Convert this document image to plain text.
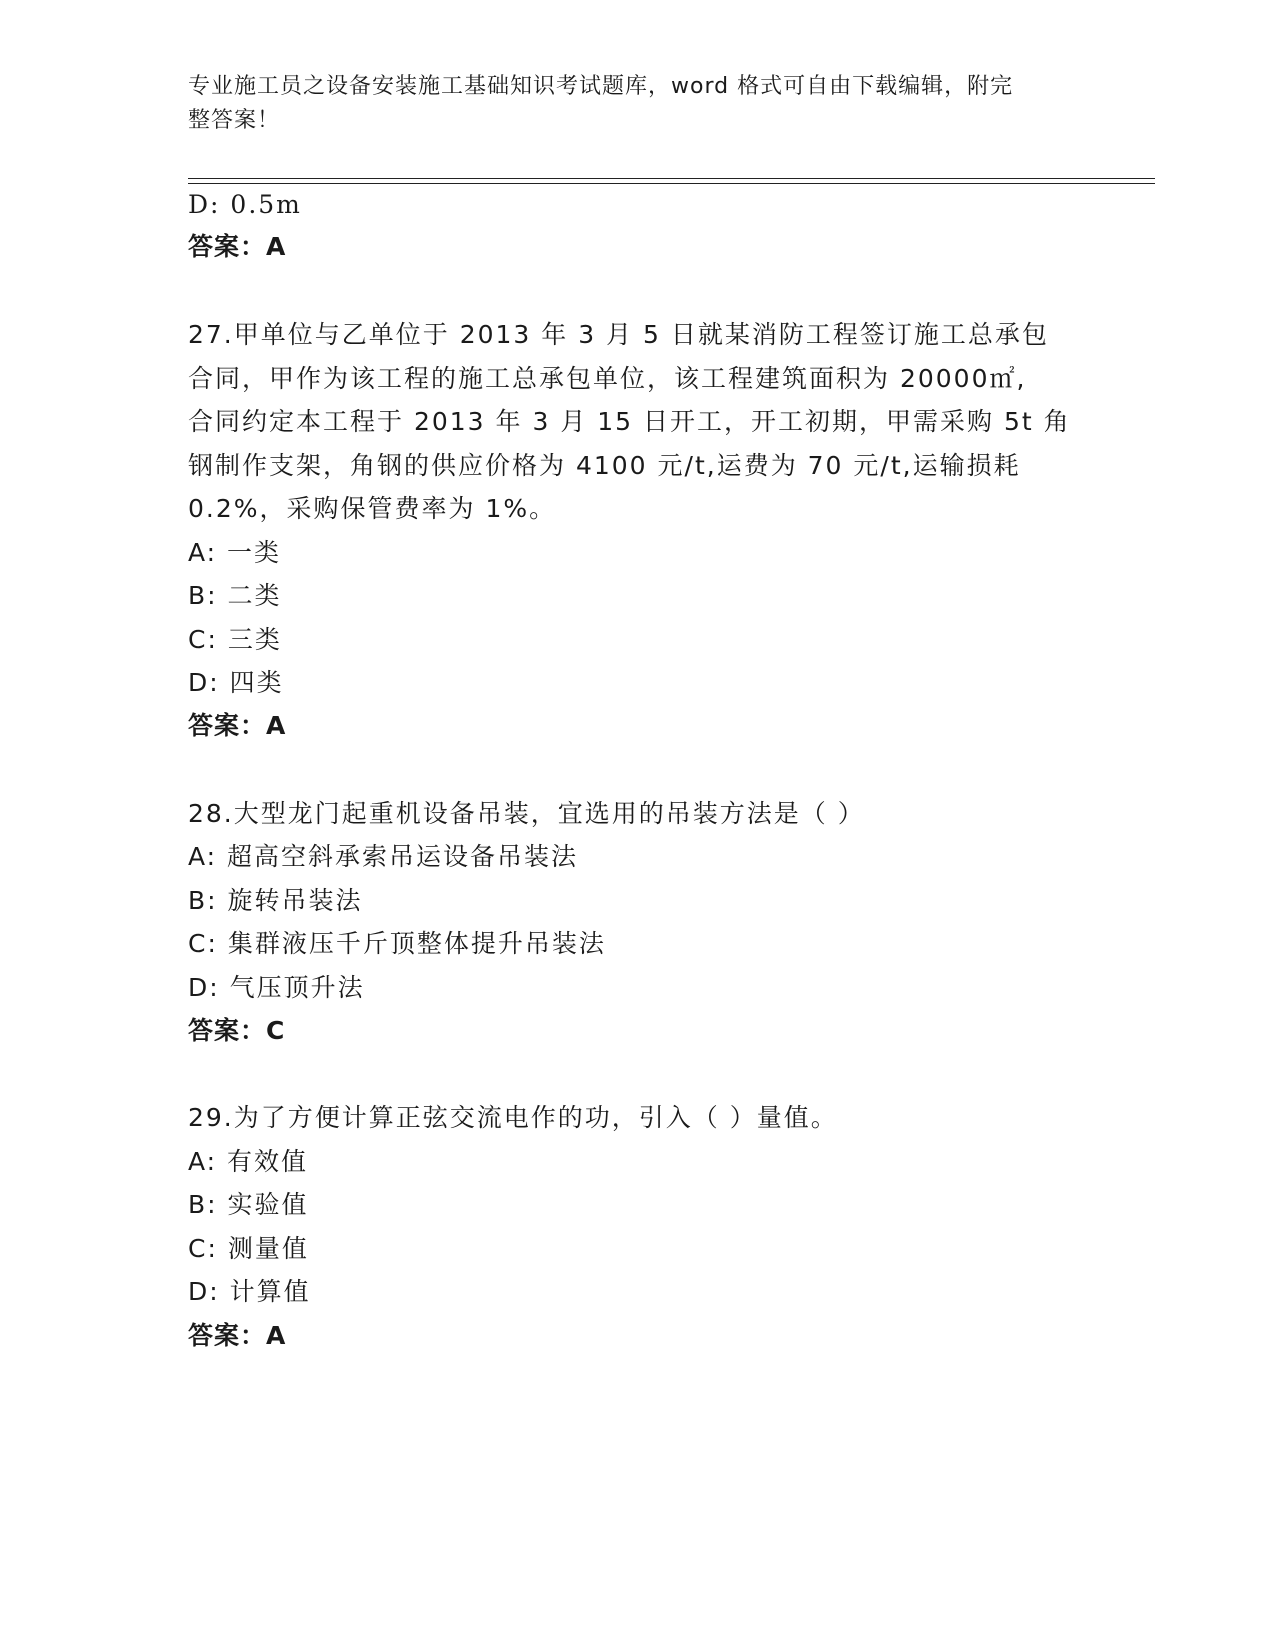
专业施工员之设备安装施工基础知识考试题库，word 格式可自由下载编辑，附完
整答案！
D: 0.5m
答案：A
27.甲单位与乙单位于 2013 年 3 月 5 日就某消防工程签订施工总承包
合同，甲作为该工程的施工总承包单位，该工程建筑面积为 20000㎡,
合同约定本工程于 2013 年 3 月 15 日开工，开工初期，甲需采购 5t 角
钢制作支架，角钢的供应价格为 4100 元/t,运费为 70 元/t,运输损耗
0.2%，采购保管费率为 1%。
A: 一类
B: 二类
C: 三类
D: 四类
答案：A
28.大型龙门起重机设备吊装，宜选用的吊装方法是（ ）
A: 超高空斜承索吊运设备吊装法
B: 旋转吊装法
C: 集群液压千斤顶整体提升吊装法
D: 气压顶升法
答案：C
29.为了方便计算正弦交流电作的功，引入（ ）量值。
A: 有效值
B: 实验值
C: 测量值
D: 计算值
答案：A
